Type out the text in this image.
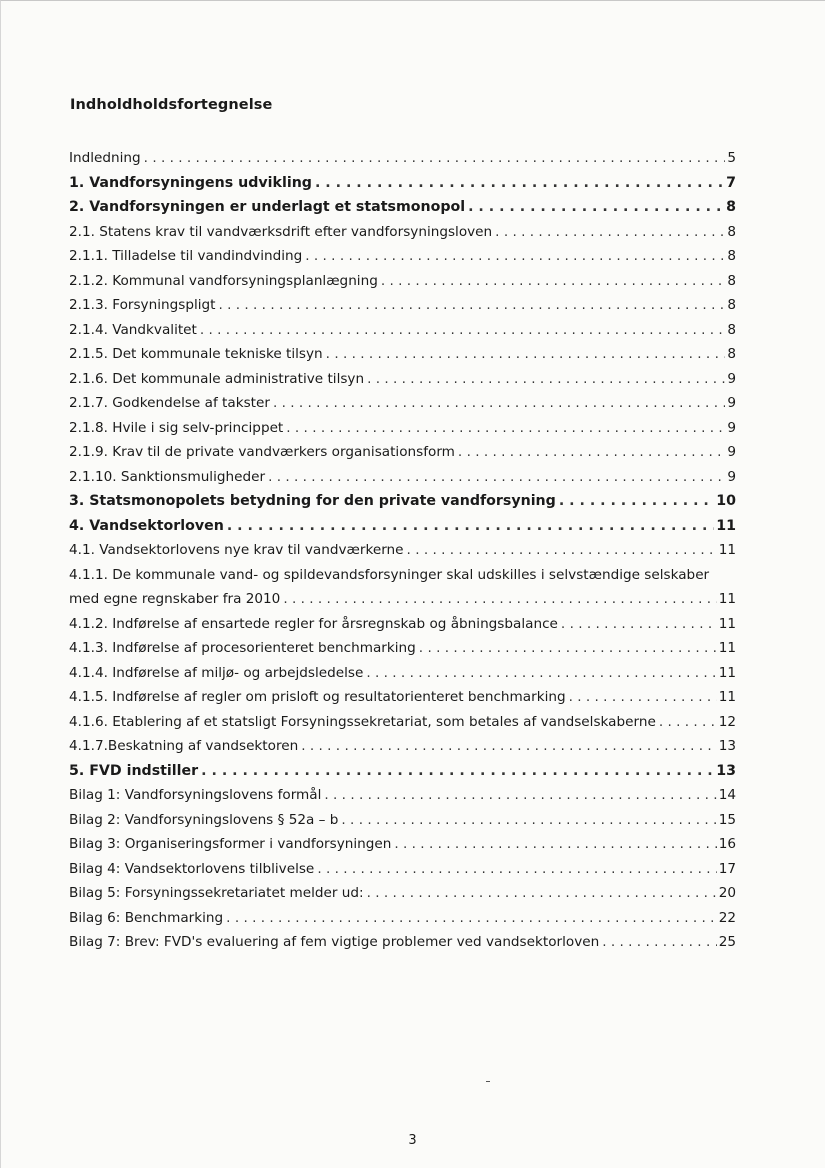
Indholdholdsfortegnelse
Indledning . . .	5
1. Vandforsyningens udvikling . . .	7
2. Vandforsyningen er underlagt et statsmonopol . . .	8
2.1. Statens krav til vandværksdrift efter vandforsyningsloven . . .	8
2.1.1. Tilladelse til vandindvinding . . .	8
2.1.2. Kommunal vandforsyningsplanlægning . . .	8
2.1.3. Forsyningspligt . . .	8
2.1.4. Vandkvalitet . . .	8
2.1.5. Det kommunale tekniske tilsyn . . .	8
2.1.6. Det kommunale administrative tilsyn . . .	9
2.1.7. Godkendelse af takster . . .	9
2.1.8. Hvile i sig selv-princippet . . .	9
2.1.9. Krav til de private vandværkers organisationsform . . .	9
2.1.10. Sanktionsmuligheder . . .	9
3. Statsmonopolets betydning for den private vandforsyning . . .	10
4. Vandsektorloven . . .	11
4.1. Vandsektorlovens nye krav til vandværkerne . . .	11
4.1.1. De kommunale vand- og spildevandsforsyninger skal udskilles i selvstændige selskaber
med egne regnskaber fra 2010 . . .	11
4.1.2. Indførelse af ensartede regler for årsregnskab og åbningsbalance . . .	11
4.1.3. Indførelse af procesorienteret benchmarking . . .	11
4.1.4. Indførelse af miljø- og arbejdsledelse . . .	11
4.1.5. Indførelse af regler om prisloft og resultatorienteret benchmarking . . .	11
4.1.6. Etablering af et statsligt Forsyningssekretariat, som betales af vandselskaberne . . .	12
4.1.7.Beskatning af vandsektoren . . .	13
5. FVD indstiller . . .	13
Bilag 1: Vandforsyningslovens formål . . .	14
Bilag 2: Vandforsyningslovens § 52a – b . . .	15
Bilag 3: Organiseringsformer i vandforsyningen . . .	16
Bilag 4: Vandsektorlovens tilblivelse . . .	17
Bilag 5: Forsyningssekretariatet melder ud: . . .	20
Bilag 6: Benchmarking . . .	22
Bilag 7: Brev: FVD's evaluering af fem vigtige problemer ved vandsektorloven . . .	25
3
